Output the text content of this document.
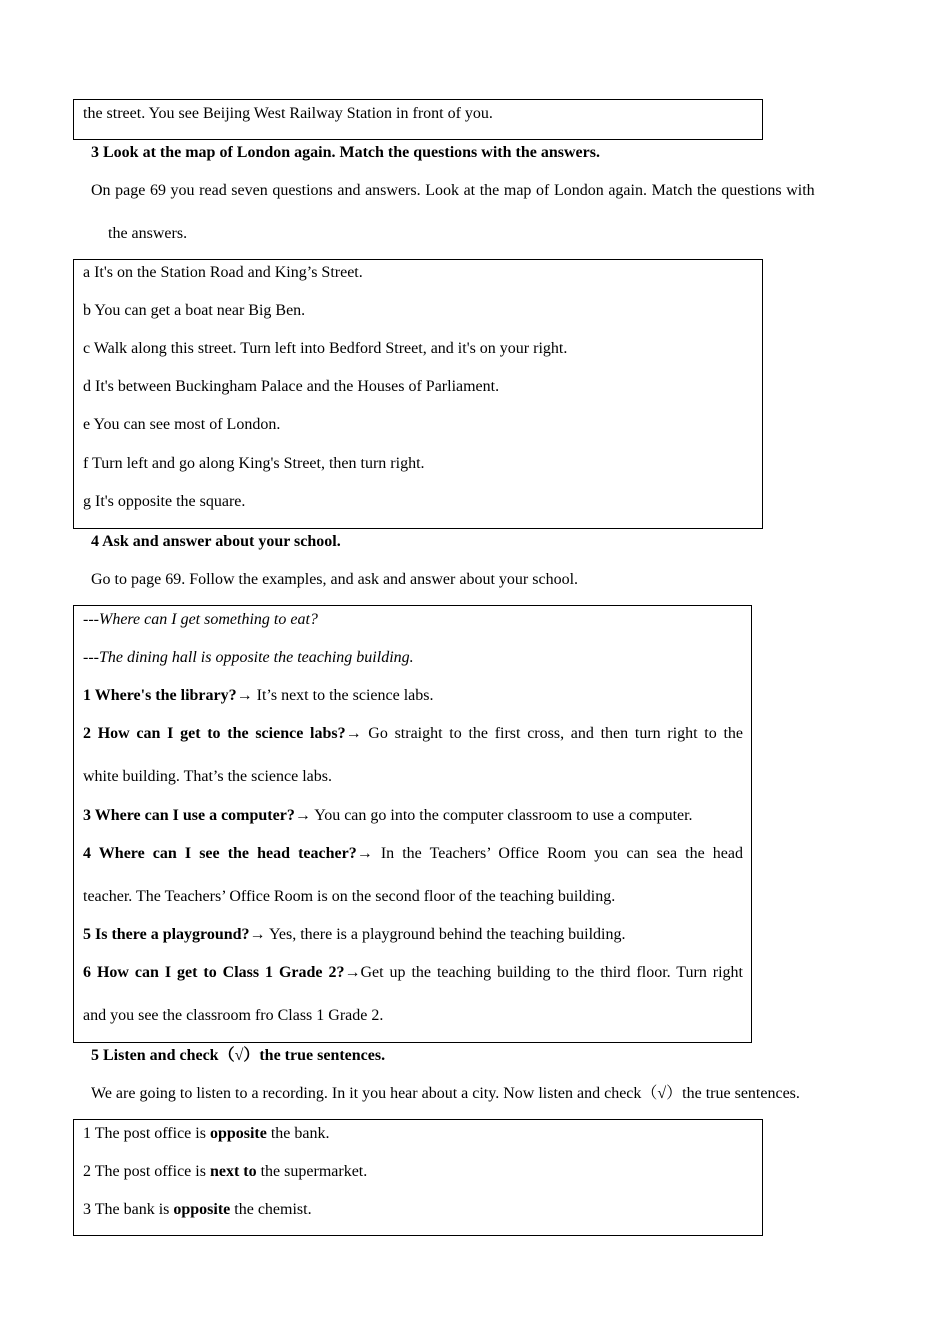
the street. You see Beijing West Railway Station in front of you.
3 Look at the map of London again. Match the questions with the answers.
On page 69 you read seven questions and answers. Look at the map of London again. Match the questions with
the answers.
a It's on the Station Road and King’s Street.
b You can get a boat near Big Ben.
c Walk along this street. Turn left into Bedford Street, and it's on your right.
d It's between Buckingham Palace and the Houses of Parliament.
e You can see most of London.
f Turn left and go along King's Street, then turn right.
g It's opposite the square.
4 Ask and answer about your school.
Go to page 69. Follow the examples, and ask and answer about your school.
---Where can I get something to eat?
---The dining hall is opposite the teaching building.
1 Where's the library?→ It’s next to the science labs.
2 How can I get to the science labs?→ Go straight to the first cross, and then turn right to the
white building. That’s the science labs.
3 Where can I use a computer?→ You can go into the computer classroom to use a computer.
4 Where can I see the head teacher?→ In the Teachers’ Office Room you can sea the head
teacher. The Teachers’ Office Room is on the second floor of the teaching building.
5 Is there a playground?→ Yes, there is a playground behind the teaching building.
6 How can I get to Class 1 Grade 2?→Get up the teaching building to the third floor. Turn right
and you see the classroom fro Class 1 Grade 2.
5 Listen and check（√）the true sentences.
We are going to listen to a recording. In it you hear about a city. Now listen and check（√）the true sentences.
1 The post office is opposite the bank.
2 The post office is next to the supermarket.
3 The bank is opposite the chemist.
